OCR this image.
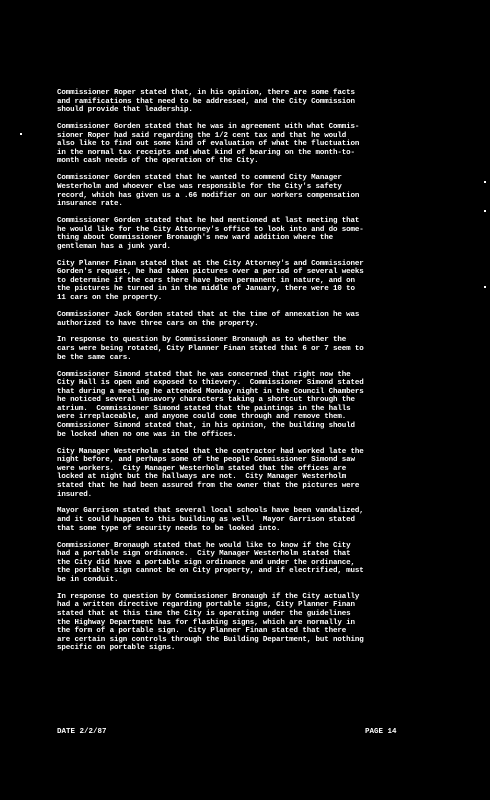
Commissioner Roper stated that, in his opinion, there are some facts
and ramifications that need to be addressed, and the City Commission
should provide that leadership.

Commissioner Gorden stated that he was in agreement with what Commis-
sioner Roper had said regarding the 1/2 cent tax and that he would
also like to find out some kind of evaluation of what the fluctuation
in the normal tax receipts and what kind of bearing on the month-to-
month cash needs of the operation of the City.

Commissioner Gorden stated that he wanted to commend City Manager
Westerholm and whoever else was responsible for the City's safety
record, which has given us a .66 modifier on our workers compensation
insurance rate.

Commissioner Gorden stated that he had mentioned at last meeting that
he would like for the City Attorney's office to look into and do some-
thing about Commissioner Bronaugh's new ward addition where the
gentleman has a junk yard.

City Planner Finan stated that at the City Attorney's and Commissioner
Gorden's request, he had taken pictures over a period of several weeks
to determine if the cars there have been permanent in nature, and on
the pictures he turned in in the middle of January, there were 10 to
11 cars on the property.

Commissioner Jack Gorden stated that at the time of annexation he was
authorized to have three cars on the property.

In response to question by Commissioner Bronaugh as to whether the
cars were being rotated, City Planner Finan stated that 6 or 7 seem to
be the same cars.

Commissioner Simond stated that he was concerned that right now the
City Hall is open and exposed to thievery.  Commissioner Simond stated
that during a meeting he attended Monday night in the Council Chambers
he noticed several unsavory characters taking a shortcut through the
atrium.  Commissioner Simond stated that the paintings in the halls
were irreplaceable, and anyone could come through and remove them.
Commissioner Simond stated that, in his opinion, the building should
be locked when no one was in the offices.

City Manager Westerholm stated that the contractor had worked late the
night before, and perhaps some of the people Commissioner Simond saw
were workers.  City Manager Westerholm stated that the offices are
locked at night but the hallways are not.  City Manager Westerholm
stated that he had been assured from the owner that the pictures were
insured.

Mayor Garrison stated that several local schools have been vandalized,
and it could happen to this building as well.  Mayor Garrison stated
that some type of security needs to be looked into.

Commissioner Bronaugh stated that he would like to know if the City
had a portable sign ordinance.  City Manager Westerholm stated that
the City did have a portable sign ordinance and under the ordinance,
the portable sign cannot be on City property, and if electrified, must
be in conduit.

In response to question by Commissioner Bronaugh if the City actually
had a written directive regarding portable signs, City Planner Finan
stated that at this time the City is operating under the guidelines
the Highway Department has for flashing signs, which are normally in
the form of a portable sign.  City Planner Finan stated that there
are certain sign controls through the Building Department, but nothing
specific on portable signs.

DATE 2/2/87	PAGE 14
